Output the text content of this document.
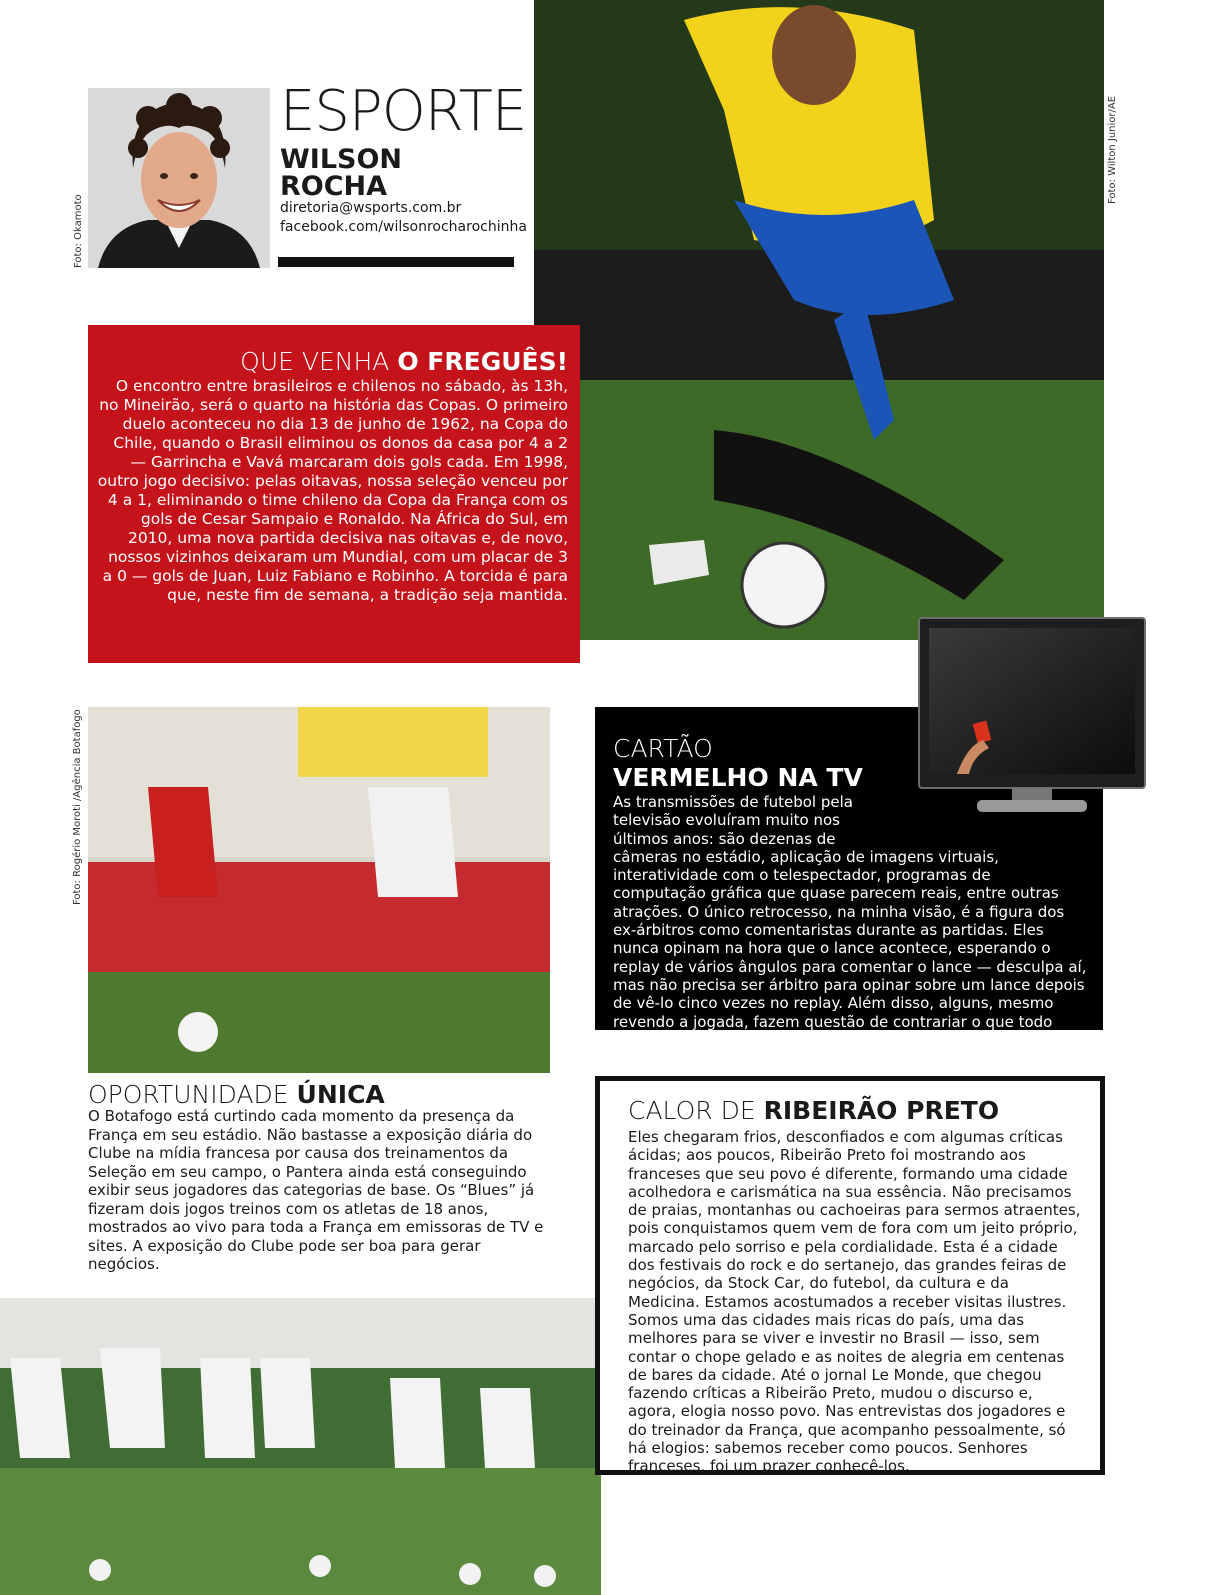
Foto: Okamoto
ESPORTE
WILSON
ROCHA
diretoria@wsports.com.br
facebook.com/wilsonrocharochinha
Foto: Wilton Junior/AE
QUE VENHA O FREGUÊS!
O encontro entre brasileiros e chilenos no sábado, às 13h, no Mineirão, será o quarto na história das Copas. O primeiro duelo aconteceu no dia 13 de junho de 1962, na Copa do Chile, quando o Brasil eliminou os donos da casa por 4 a 2 — Garrincha e Vavá marcaram dois gols cada. Em 1998, outro jogo decisivo: pelas oitavas, nossa seleção venceu por 4 a 1, eliminando o time chileno da Copa da França com os gols de Cesar Sampaio e Ronaldo. Na África do Sul, em 2010, uma nova partida decisiva nas oitavas e, de novo, nossos vizinhos deixaram um Mundial, com um placar de 3 a 0 — gols de Juan, Luiz Fabiano e Robinho. A torcida é para que, neste fim de semana, a tradição seja mantida.
Foto: Rogério Moroti /Agência Botafogo	CARTÃO
VERMELHO NA TV
As transmissões de futebol pela televisão evoluíram muito nos últimos anos: são dezenas de câmeras no estádio, aplicação de imagens virtuais, interatividade com o telespectador, programas de computação gráfica que quase parecem reais, entre outras atrações. O único retrocesso, na minha visão, é a figura dos ex-árbitros como comentaristas durante as partidas. Eles nunca opinam na hora que o lance acontece, esperando o replay de vários ângulos para comentar o lance — desculpa aí, mas não precisa ser árbitro para opinar sobre um lance depois de vê-lo cinco vezes no replay. Além disso, alguns, mesmo revendo a jogada, fazem questão de contrariar o que todo mundo vê. Cartão vermelho para os árbitros na TV.
OPORTUNIDADE ÚNICA
O Botafogo está curtindo cada momento da presença da França em seu estádio. Não bastasse a exposição diária do Clube na mídia francesa por causa dos treinamentos da Seleção em seu campo, o Pantera ainda está conseguindo exibir seus jogadores das categorias de base. Os “Blues” já fizeram dois jogos treinos com os atletas de 18 anos, mostrados ao vivo para toda a França em emissoras de TV e sites. A exposição do Clube pode ser boa para gerar negócios.
CALOR DE RIBEIRÃO PRETO
Eles chegaram frios, desconfiados e com algumas críticas ácidas; aos poucos, Ribeirão Preto foi mostrando aos franceses que seu povo é diferente, formando uma cidade acolhedora e carismática na sua essência. Não precisamos de praias, montanhas ou cachoeiras para sermos atraentes, pois conquistamos quem vem de fora com um jeito próprio, marcado pelo sorriso e pela cordialidade. Esta é a cidade dos festivais do rock e do sertanejo, das grandes feiras de negócios, da Stock Car, do futebol, da cultura e da Medicina. Estamos acostumados a receber visitas ilustres. Somos uma das cidades mais ricas do país, uma das melhores para se viver e investir no Brasil — isso, sem contar o chope gelado e as noites de alegria em centenas de bares da cidade. Até o jornal Le Monde, que chegou fazendo críticas a Ribeirão Preto, mudou o discurso e, agora, elogia nosso povo. Nas entrevistas dos jogadores e do treinador da França, que acompanho pessoalmente, só há elogios: sabemos receber como poucos. Senhores franceses, foi um prazer conhecê-los.
